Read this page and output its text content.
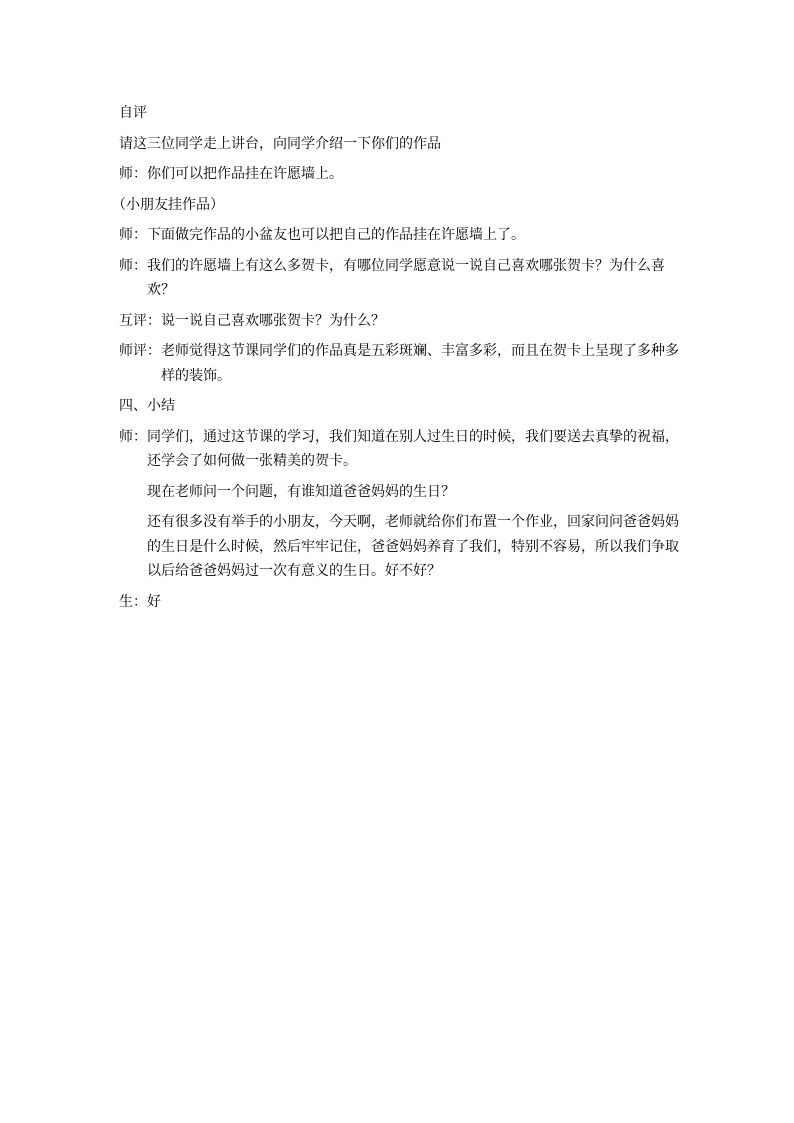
自评

请这三位同学走上讲台，向同学介绍一下你们的作品

师：你们可以把作品挂在许愿墙上。

（小朋友挂作品）

师：下面做完作品的小盆友也可以把自己的作品挂在许愿墙上了。

师：我们的许愿墙上有这么多贺卡，有哪位同学愿意说一说自己喜欢哪张贺卡？为什么喜欢？

互评：说一说自己喜欢哪张贺卡？为什么？

师评：老师觉得这节课同学们的作品真是五彩斑斓、丰富多彩，而且在贺卡上呈现了多种多样的装饰。

四、小结

师：同学们，通过这节课的学习，我们知道在别人过生日的时候，我们要送去真挚的祝福，还学会了如何做一张精美的贺卡。

现在老师问一个问题，有谁知道爸爸妈妈的生日？

还有很多没有举手的小朋友，今天啊，老师就给你们布置一个作业，回家问问爸爸妈妈的生日是什么时候，然后牢牢记住，爸爸妈妈养育了我们，特别不容易，所以我们争取以后给爸爸妈妈过一次有意义的生日。好不好？

生：好
